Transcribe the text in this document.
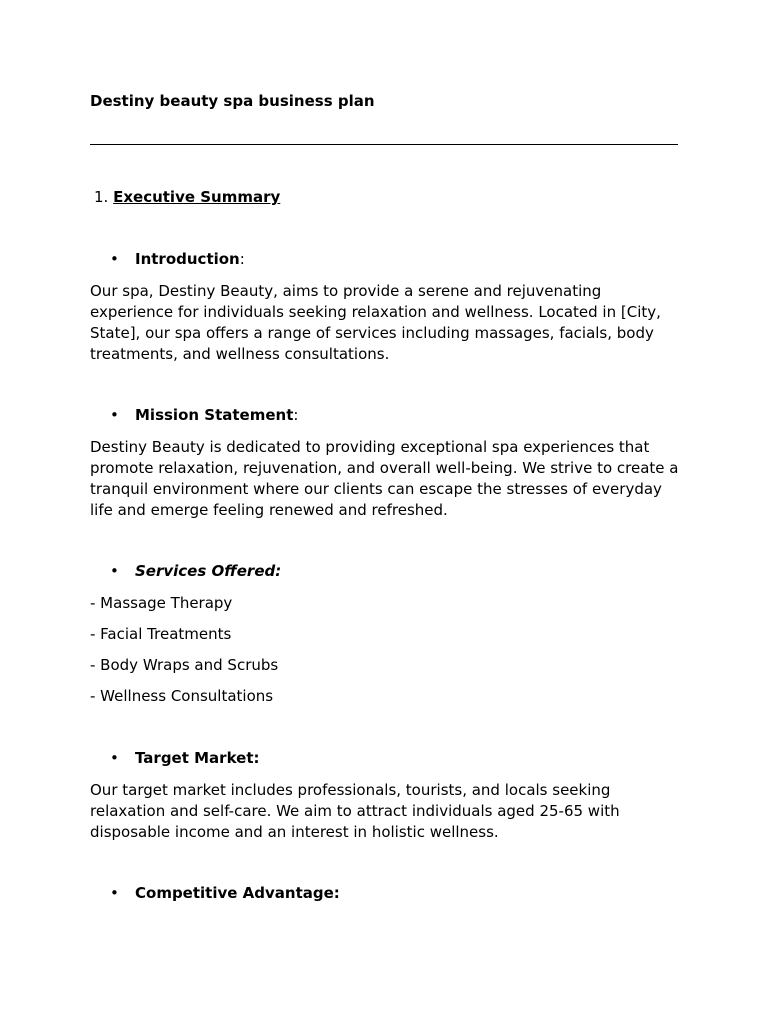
Destiny beauty spa business plan

1. Executive Summary

• Introduction:

Our spa, Destiny Beauty, aims to provide a serene and rejuvenating experience for individuals seeking relaxation and wellness. Located in [City, State], our spa offers a range of services including massages, facials, body treatments, and wellness consultations.

• Mission Statement:

Destiny Beauty is dedicated to providing exceptional spa experiences that promote relaxation, rejuvenation, and overall well-being. We strive to create a tranquil environment where our clients can escape the stresses of everyday life and emerge feeling renewed and refreshed.

• Services Offered:

- Massage Therapy

- Facial Treatments

- Body Wraps and Scrubs

- Wellness Consultations

• Target Market:

Our target market includes professionals, tourists, and locals seeking relaxation and self-care. We aim to attract individuals aged 25-65 with disposable income and an interest in holistic wellness.

• Competitive Advantage:
